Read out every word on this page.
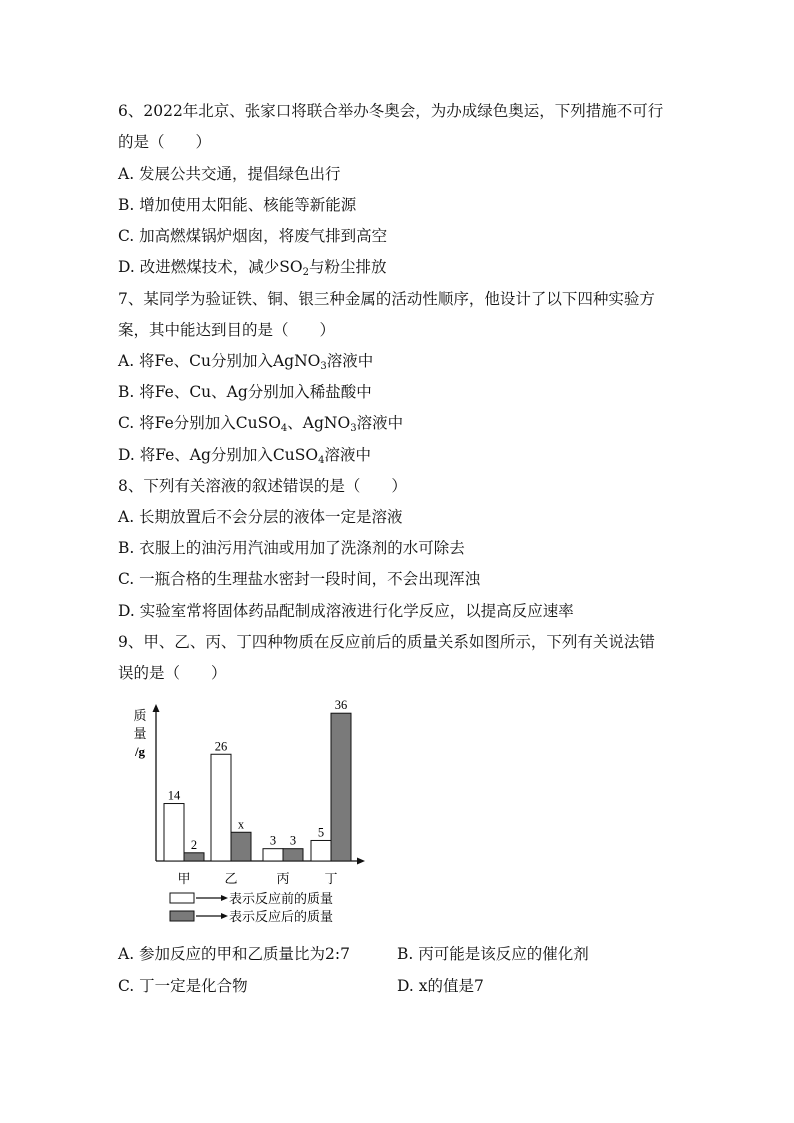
6、2022年北京、张家口将联合举办冬奥会，为办成绿色奥运，下列措施不可行
的是（　　）
A. 发展公共交通，提倡绿色出行
B. 增加使用太阳能、核能等新能源
C. 加高燃煤锅炉烟囱，将废气排到高空
D. 改进燃煤技术，减少$SO_2$与粉尘排放
7、某同学为验证铁、铜、银三种金属的活动性顺序，他设计了以下四种实验方
案，其中能达到目的是（　　）
A. 将Fe、Cu分别加入AgNO$_3$溶液中
B. 将Fe、Cu、Ag分别加入稀盐酸中
C. 将Fe分别加入CuSO$_4$、AgNO$_3$溶液中
D. 将Fe、Ag分别加入CuSO$_4$溶液中
8、下列有关溶液的叙述错误的是（　　）
A. 长期放置后不会分层的液体一定是溶液
B. 衣服上的油污用汽油或用加了洗涤剂的水可除去
C. 一瓶合格的生理盐水密封一段时间，不会出现浑浊
D. 实验室常将固体药品配制成溶液进行化学反应，以提高反应速率
9、甲、乙、丙、丁四种物质在反应前后的质量关系如图所示，下列有关说法错
误的是（　　）
质
量
/g
14
2
26
x
3 3
5
36
甲	乙	丙	丁
表示反应前的质量
表示反应后的质量
A. 参加反应的甲和乙质量比为2:7	B. 丙可能是该反应的催化剂
C. 丁一定是化合物	D. x的值是7
